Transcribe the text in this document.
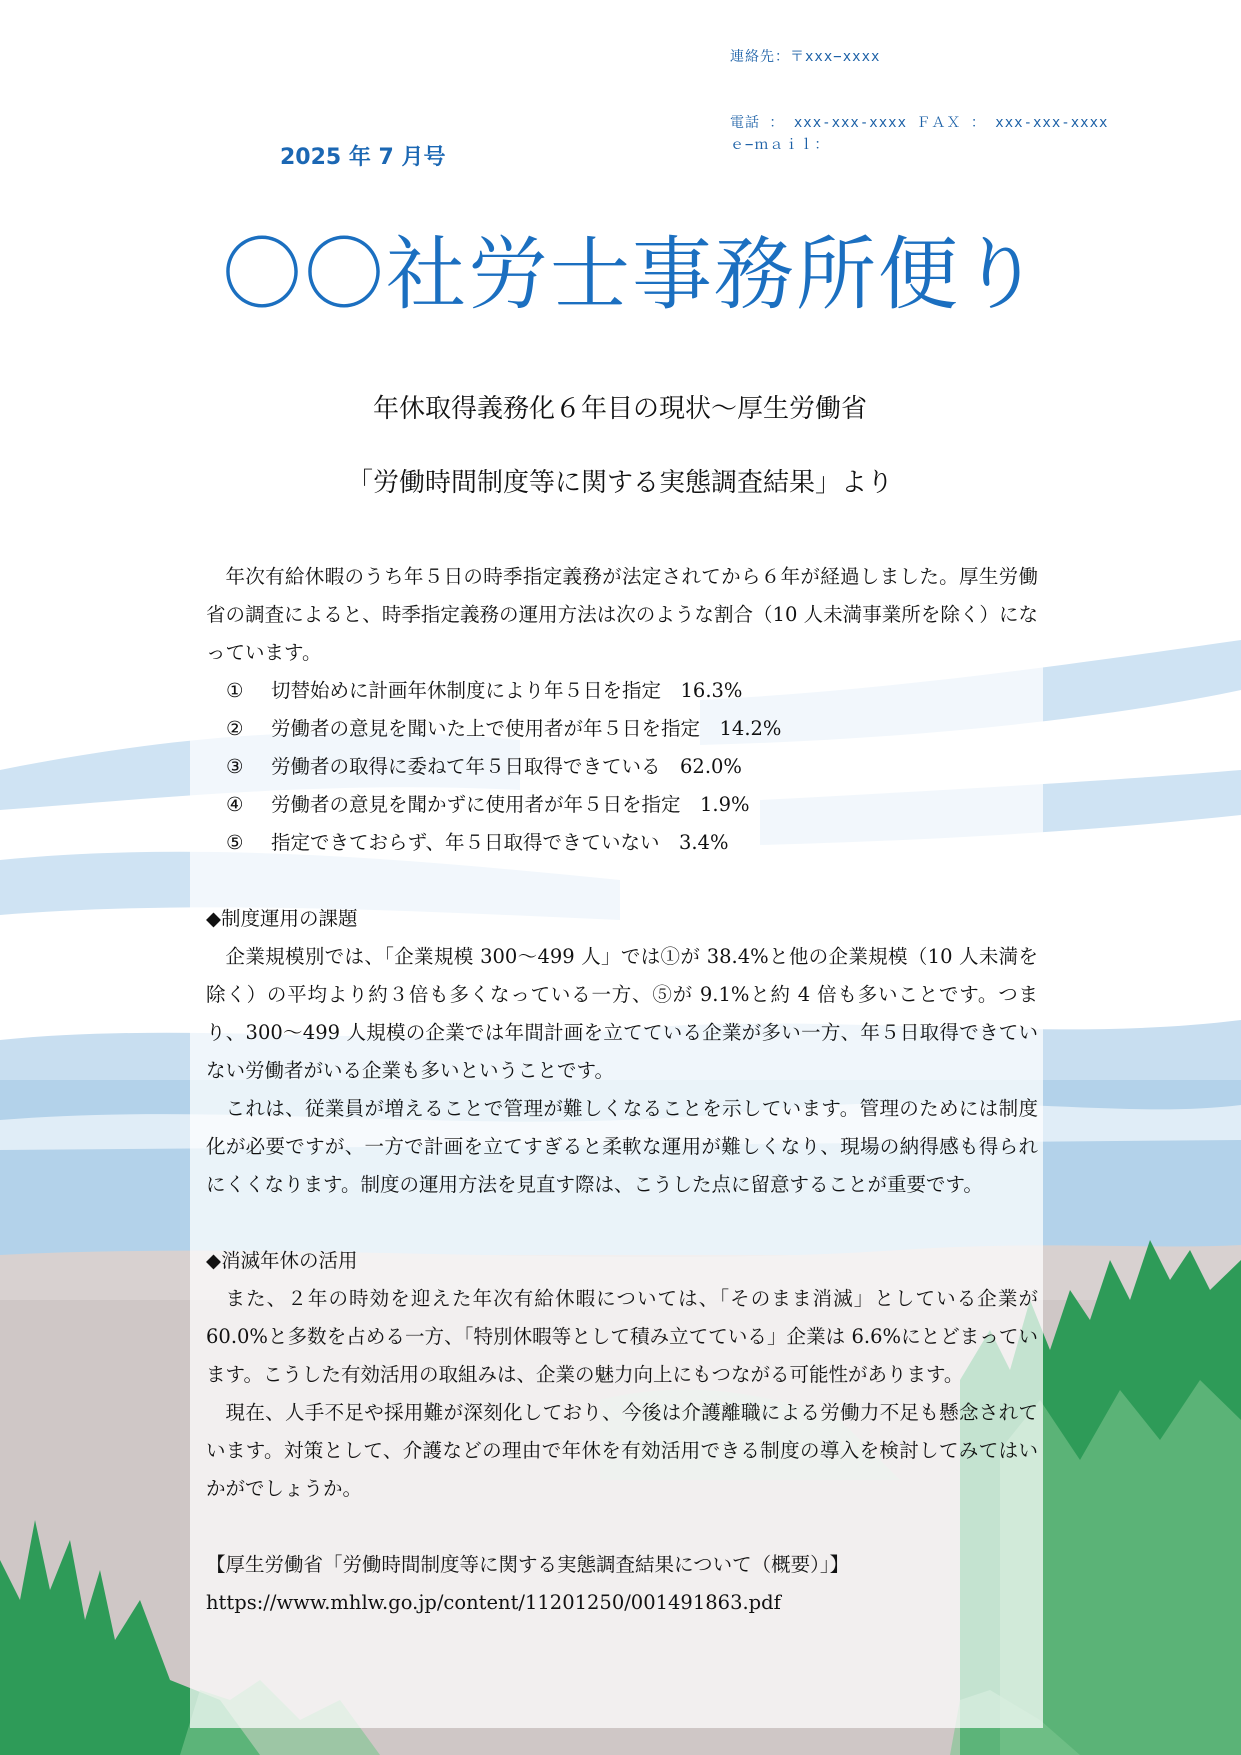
連絡先：〒xxx−xxxx
電話 ： xxx-xxx-xxxx ＦＡＸ ： xxx-xxx-xxxx
ｅ−ｍａｉｌ：
2025 年 7 月号
〇〇社労士事務所便り
年休取得義務化６年目の現状〜厚生労働省
「労働時間制度等に関する実態調査結果」より

年次有給休暇のうち年５日の時季指定義務が法定されてから６年が経過しました。厚生労働省の調査によると、時季指定義務の運用方法は次のような割合（10 人未満事業所を除く）になっています。

① 切替始めに計画年休制度により年５日を指定　16.3%
② 労働者の意見を聞いた上で使用者が年５日を指定　14.2%
③ 労働者の取得に委ねて年５日取得できている　62.0%
④ 労働者の意見を聞かずに使用者が年５日を指定　1.9%
⑤ 指定できておらず、年５日取得できていない　3.4%

◆制度運用の課題

企業規模別では、「企業規模 300〜499 人」では①が 38.4%と他の企業規模（10 人未満を除く）の平均より約３倍も多くなっている一方、⑤が 9.1%と約 4 倍も多いことです。つまり、300〜499 人規模の企業では年間計画を立てている企業が多い一方、年５日取得できていない労働者がいる企業も多いということです。

これは、従業員が増えることで管理が難しくなることを示しています。管理のためには制度化が必要ですが、一方で計画を立てすぎると柔軟な運用が難しくなり、現場の納得感も得られにくくなります。制度の運用方法を見直す際は、こうした点に留意することが重要です。

◆消滅年休の活用

また、２年の時効を迎えた年次有給休暇については、「そのまま消滅」としている企業が 60.0%と多数を占める一方、「特別休暇等として積み立てている」企業は 6.6%にとどまっています。こうした有効活用の取組みは、企業の魅力向上にもつながる可能性があります。

現在、人手不足や採用難が深刻化しており、今後は介護離職による労働力不足も懸念されています。対策として、介護などの理由で年休を有効活用できる制度の導入を検討してみてはいかがでしょうか。

【厚生労働省「労働時間制度等に関する実態調査結果について（概要）」】

https://www.mhlw.go.jp/content/11201250/001491863.pdf
